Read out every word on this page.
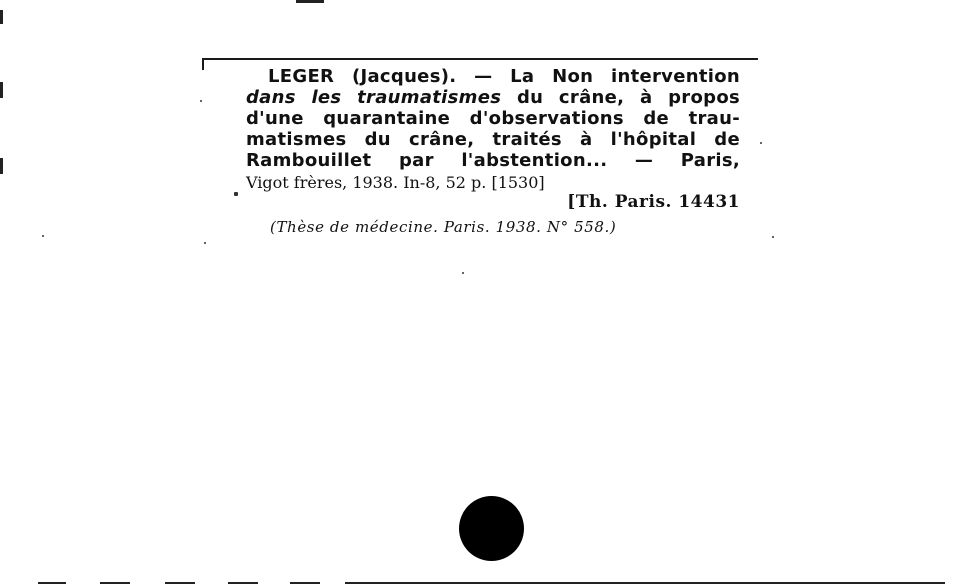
LEGER (Jacques). — La Non intervention
dans les traumatismes du crâne, à propos
d'une quarantaine d'observations de trau-
matismes du crâne, traités à l'hôpital de
Rambouillet par l'abstention... — Paris,
Vigot frères, 1938. In-8, 52 p. [1530]
[Th. Paris. 14431
(Thèse de médecine. Paris. 1938. N° 558.)
